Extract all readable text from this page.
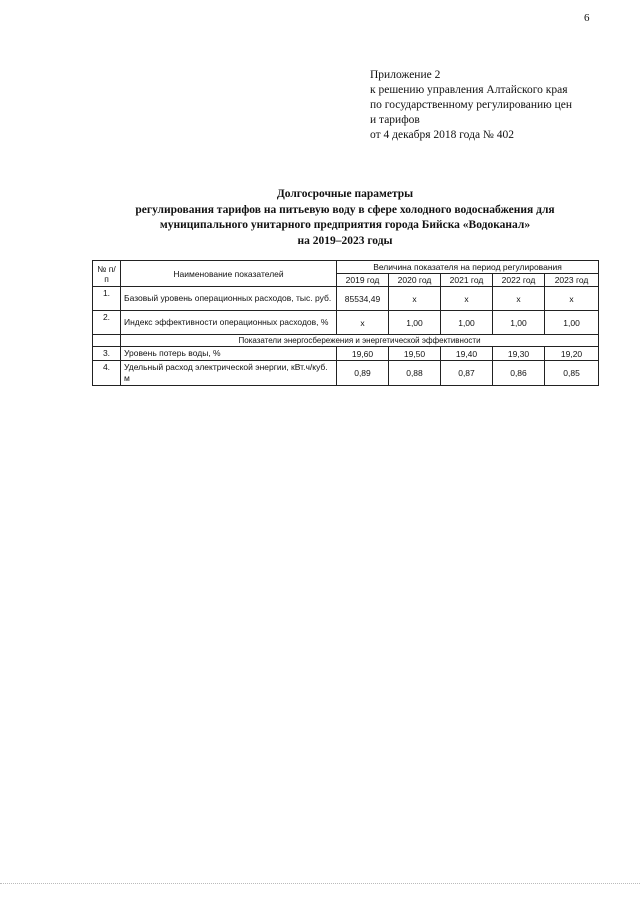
6
Приложение 2
к решению управления Алтайского края
по государственному регулированию цен
и тарифов
от 4 декабря 2018 года № 402
Долгосрочные параметры
регулирования тарифов на питьевую воду в сфере холодного водоснабжения для
муниципального унитарного предприятия города Бийска «Водоканал»
на 2019–2023 годы
№ п/п	Наименование показателей	Величина показателя на период регулирования				
		2019 год	2020 год	2021 год	2022 год	2023 год
1.	Базовый уровень операционных расходов, тыс. руб.	85534,49	x	x	x	x
2.	Индекс эффективности операционных расходов, %	x	1,00	1,00	1,00	1,00
	Показатели энергосбережения и энергетической эффективности					
3.	Уровень потерь воды, %	19,60	19,50	19,40	19,30	19,20
4.	Удельный расход электрической энергии, кВт.ч/куб. м	0,89	0,88	0,87	0,86	0,85
